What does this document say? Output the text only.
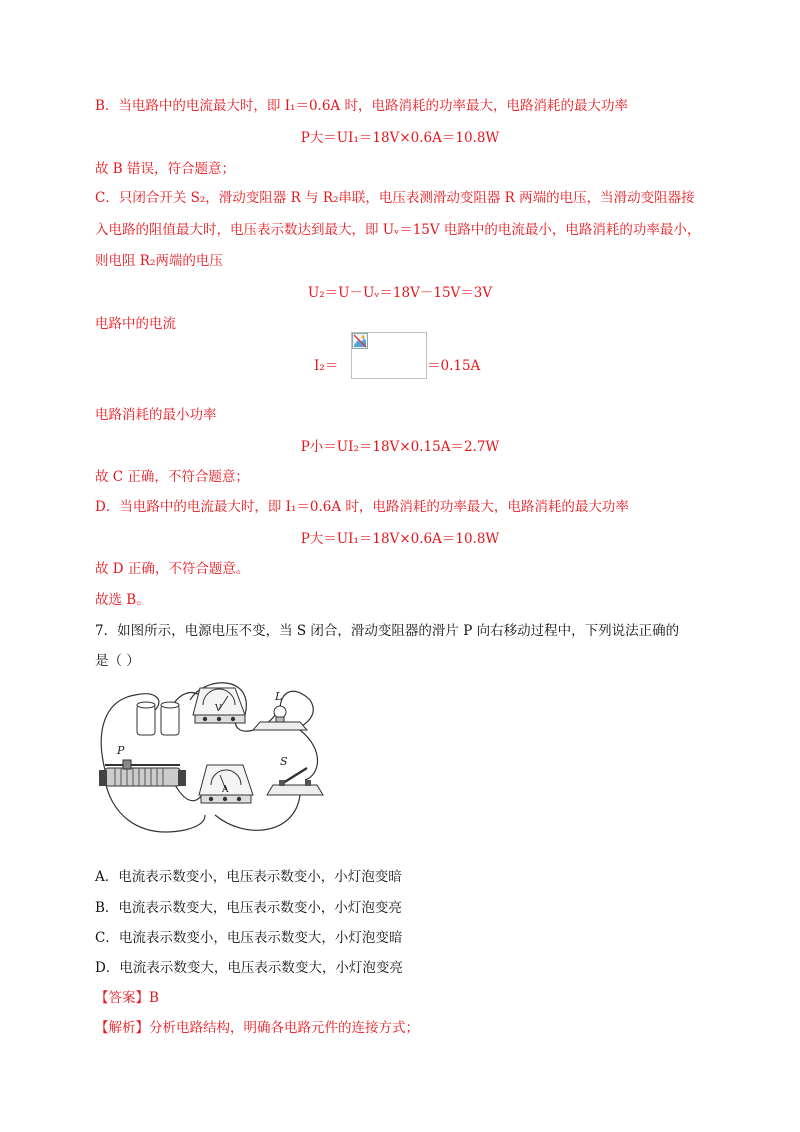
B．当电路中的电流最大时，即 I₁＝0.6A 时，电路消耗的功率最大，电路消耗的最大功率
P大＝UI₁＝18V×0.6A＝10.8W
故 B 错误，符合题意；
C．只闭合开关 S₂，滑动变阻器 R 与 R₂串联，电压表测滑动变阻器 R 两端的电压，当滑动变阻器接
入电路的阻值最大时，电压表示数达到最大，即 Uᵥ＝15V 电路中的电流最小，电路消耗的功率最小，
则电阻 R₂两端的电压
U₂＝U－Uᵥ＝18V－15V＝3V
电路中的电流
I₂＝	＝0.15A
电路消耗的最小功率
P小＝UI₂＝18V×0.15A＝2.7W
故 C 正确，不符合题意；
D．当电路中的电流最大时，即 I₁＝0.6A 时，电路消耗的功率最大，电路消耗的最大功率
P大＝UI₁＝18V×0.6A＝10.8W
故 D 正确，不符合题意。
故选 B。
7．如图所示，电源电压不变，当 S 闭合，滑动变阻器的滑片 P 向右移动过程中，下列说法正确的
是（ ）
V
L
P
A
S
A．电流表示数变小，电压表示数变小，小灯泡变暗
B．电流表示数变大，电压表示数变小，小灯泡变亮
C．电流表示数变小，电压表示数变大，小灯泡变暗
D．电流表示数变大，电压表示数变大，小灯泡变亮
【答案】B
【解析】分析电路结构，明确各电路元件的连接方式；
